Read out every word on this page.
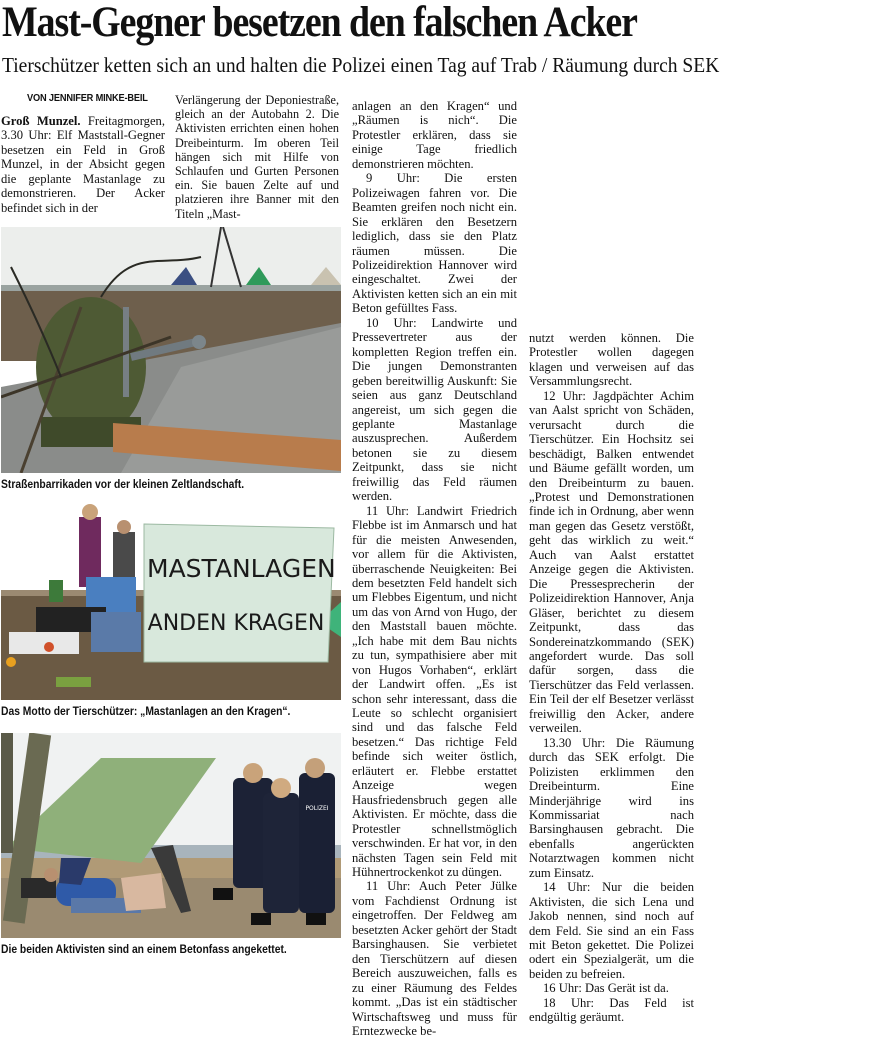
Mast-Gegner besetzen den falschen Acker
Tierschützer ketten sich an und halten die Polizei einen Tag auf Trab / Räumung durch SEK
VON JENNIFER MINKE-BEIL

Groß Munzel. Freitagmorgen, 3.30 Uhr: Elf Maststall-Gegner besetzen ein Feld in Groß Munzel, in der Absicht gegen die geplante Mastanlage zu demonstrieren. Der Acker befindet sich in der

Verlängerung der Deponiestraße, gleich an der Autobahn 2. Die Aktivisten errichten einen hohen Dreibeinturm. Im oberen Teil hängen sich mit Hilfe von Schlaufen und Gurten Personen ein. Sie bauen Zelte auf und platzieren ihre Banner mit den Titeln „Mast-

anlagen an den Kragen“ und „Räumen is nich“. Die Protestler erklären, dass sie einige Tage friedlich demonstrieren möchten.

9 Uhr: Die ersten Polizeiwagen fahren vor. Die Beamten greifen noch nicht ein. Sie erklären den Besetzern lediglich, dass sie den Platz räumen müssen. Die Polizeidirektion Hannover wird eingeschaltet. Zwei der Aktivisten ketten sich an ein mit Beton gefülltes Fass.

10 Uhr: Landwirte und Pressevertreter aus der kompletten Region treffen ein. Die jungen Demonstranten geben bereitwillig Auskunft: Sie seien aus ganz Deutschland angereist, um sich gegen die geplante Mastanlage auszusprechen. Außerdem betonen sie zu diesem Zeitpunkt, dass sie nicht freiwillig das Feld räumen werden.

11 Uhr: Landwirt Friedrich Flebbe ist im Anmarsch und hat für die meisten Anwesenden, vor allem für die Aktivisten, überraschende Neuigkeiten: Bei dem besetzten Feld handelt sich um Flebbes Eigentum, und nicht um das von Arnd von Hugo, der den Maststall bauen möchte. „Ich habe mit dem Bau nichts zu tun, sympathisiere aber mit von Hugos Vorhaben“, erklärt der Landwirt offen. „Es ist schon sehr interessant, dass die Leute so schlecht organisiert sind und das falsche Feld besetzen.“ Das richtige Feld befinde sich weiter östlich, erläutert er. Flebbe erstattet Anzeige wegen Hausfriedensbruch gegen alle Aktivisten. Er möchte, dass die Protestler schnellstmöglich verschwinden. Er hat vor, in den nächsten Tagen sein Feld mit Hühnertrockenkot zu düngen.

11 Uhr: Auch Peter Jülke vom Fachdienst Ordnung ist eingetroffen. Der Feldweg am besetzten Acker gehört der Stadt Barsinghausen. Sie verbietet den Tierschützern auf diesen Bereich auszuweichen, falls es zu einer Räumung des Feldes kommt. „Das ist ein städtischer Wirtschaftsweg und muss für Erntezwecke be-

nutzt werden können. Die Protestler wollen dagegen klagen und verweisen auf das Versammlungsrecht.

12 Uhr: Jagdpächter Achim van Aalst spricht von Schäden, verursacht durch die Tierschützer. Ein Hochsitz sei beschädigt, Balken entwendet und Bäume gefällt worden, um den Dreibeinturm zu bauen. „Protest und Demonstrationen finde ich in Ordnung, aber wenn man gegen das Gesetz verstößt, geht das wirklich zu weit.“ Auch van Aalst erstattet Anzeige gegen die Aktivisten. Die Pressesprecherin der Polizeidirektion Hannover, Anja Gläser, berichtet zu diesem Zeitpunkt, dass das Sondereinatzkommando (SEK) angefordert wurde. Das soll dafür sorgen, dass die Tierschützer das Feld verlassen. Ein Teil der elf Besetzer verlässt freiwillig den Acker, andere verweilen.

13.30 Uhr: Die Räumung durch das SEK erfolgt. Die Polizisten erklimmen den Dreibeinturm. Eine Minderjährige wird ins Kommissariat nach Barsinghausen gebracht. Die ebenfalls angerückten Notarztwagen kommen nicht zum Einsatz.

14 Uhr: Nur die beiden Aktivisten, die sich Lena und Jakob nennen, sind noch auf dem Feld. Sie sind an ein Fass mit Beton gekettet. Die Polizei odert ein Spezialgerät, um die beiden zu befreien.

16 Uhr: Das Gerät ist da.

18 Uhr: Das Feld ist endgültig geräumt.

Straßenbarrikaden vor der kleinen Zeltlandschaft.
MASTANLAGEN
ANDEN KRAGEN
Das Motto der Tierschützer: „Mastanlagen an den Kragen“.
POLIZEI
Die beiden Aktivisten sind an einem Betonfass angekettet.
